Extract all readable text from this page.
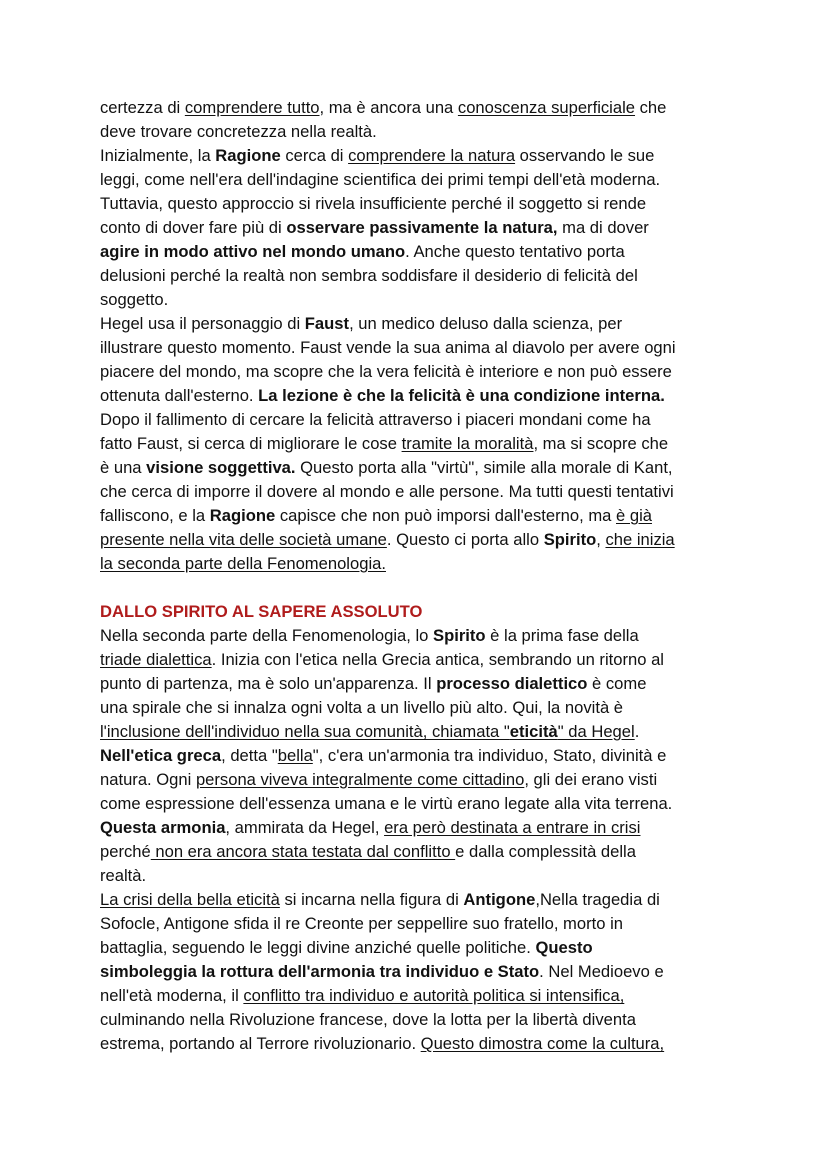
certezza di comprendere tutto, ma è ancora una conoscenza superficiale che
deve trovare concretezza nella realtà.
Inizialmente, la Ragione cerca di comprendere la natura osservando le sue
leggi, come nell'era dell'indagine scientifica dei primi tempi dell'età moderna.
Tuttavia, questo approccio si rivela insufficiente perché il soggetto si rende
conto di dover fare più di osservare passivamente la natura, ma di dover
agire in modo attivo nel mondo umano. Anche questo tentativo porta
delusioni perché la realtà non sembra soddisfare il desiderio di felicità del
soggetto.
Hegel usa il personaggio di Faust, un medico deluso dalla scienza, per
illustrare questo momento. Faust vende la sua anima al diavolo per avere ogni
piacere del mondo, ma scopre che la vera felicità è interiore e non può essere
ottenuta dall'esterno. La lezione è che la felicità è una condizione interna.
Dopo il fallimento di cercare la felicità attraverso i piaceri mondani come ha
fatto Faust, si cerca di migliorare le cose tramite la moralità, ma si scopre che
è una visione soggettiva. Questo porta alla "virtù", simile alla morale di Kant,
che cerca di imporre il dovere al mondo e alle persone. Ma tutti questi tentativi
falliscono, e la Ragione capisce che non può imporsi dall'esterno, ma è già
presente nella vita delle società umane. Questo ci porta allo Spirito, che inizia
la seconda parte della Fenomenologia.
DALLO SPIRITO AL SAPERE ASSOLUTO
Nella seconda parte della Fenomenologia, lo Spirito è la prima fase della
triade dialettica. Inizia con l'etica nella Grecia antica, sembrando un ritorno al
punto di partenza, ma è solo un'apparenza. Il processo dialettico è come
una spirale che si innalza ogni volta a un livello più alto. Qui, la novità è
l'inclusione dell'individuo nella sua comunità, chiamata "eticità" da Hegel.
Nell'etica greca, detta "bella", c'era un'armonia tra individuo, Stato, divinità e
natura. Ogni persona viveva integralmente come cittadino, gli dei erano visti
come espressione dell'essenza umana e le virtù erano legate alla vita terrena.
Questa armonia, ammirata da Hegel, era però destinata a entrare in crisi
perché non era ancora stata testata dal conflitto e dalla complessità della
realtà.
La crisi della bella eticità si incarna nella figura di Antigone,Nella tragedia di
Sofocle, Antigone sfida il re Creonte per seppellire suo fratello, morto in
battaglia, seguendo le leggi divine anziché quelle politiche. Questo
simboleggia la rottura dell'armonia tra individuo e Stato. Nel Medioevo e
nell'età moderna, il conflitto tra individuo e autorità politica si intensifica,
culminando nella Rivoluzione francese, dove la lotta per la libertà diventa
estrema, portando al Terrore rivoluzionario. Questo dimostra come la cultura,
